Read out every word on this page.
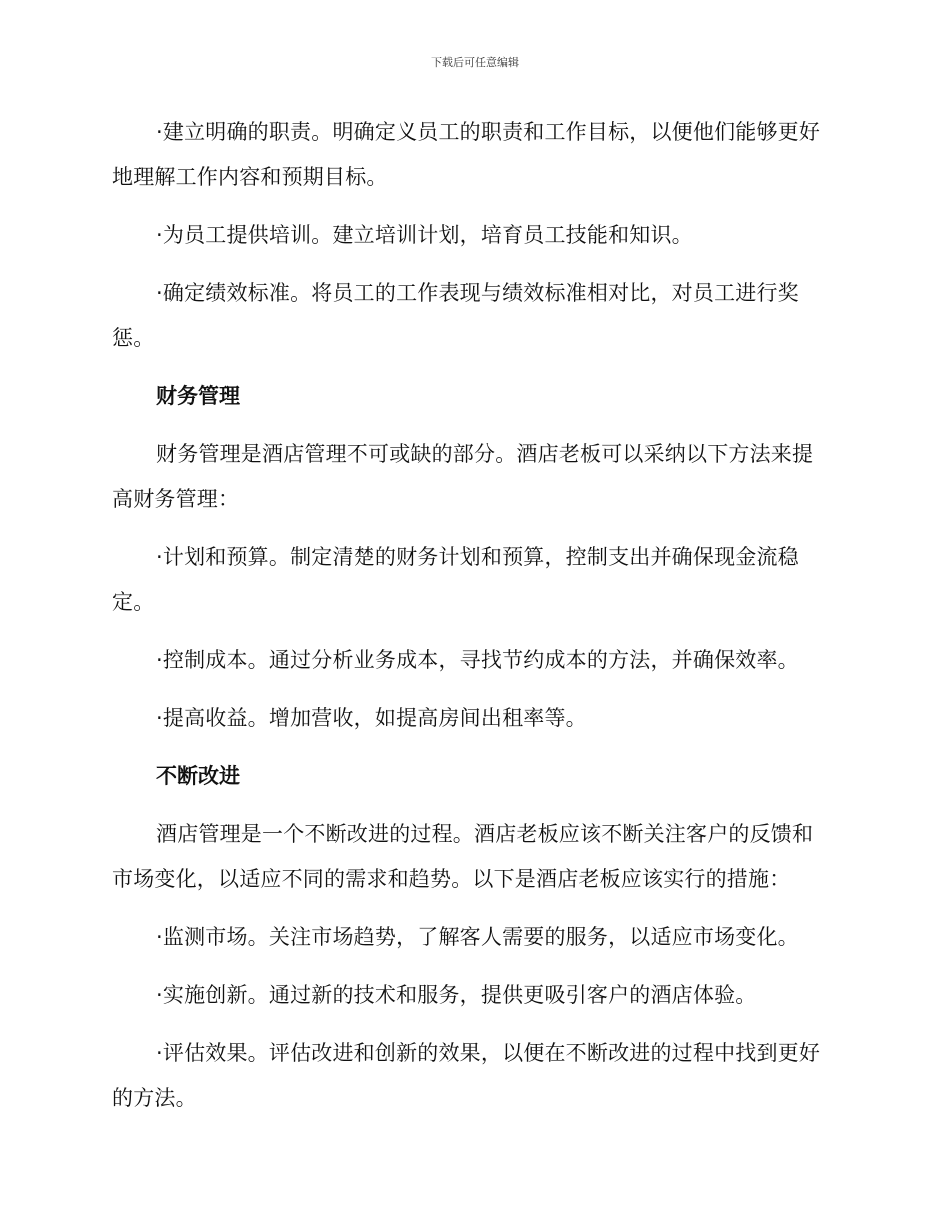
下载后可任意编辑

·建立明确的职责。明确定义员工的职责和工作目标，以便他们能够更好地理解工作内容和预期目标。

·为员工提供培训。建立培训计划，培育员工技能和知识。

·确定绩效标准。将员工的工作表现与绩效标准相对比，对员工进行奖惩。

财务管理

财务管理是酒店管理不可或缺的部分。酒店老板可以采纳以下方法来提高财务管理：

·计划和预算。制定清楚的财务计划和预算，控制支出并确保现金流稳定。

·控制成本。通过分析业务成本，寻找节约成本的方法，并确保效率。

·提高收益。增加营收，如提高房间出租率等。

不断改进

酒店管理是一个不断改进的过程。酒店老板应该不断关注客户的反馈和市场变化，以适应不同的需求和趋势。以下是酒店老板应该实行的措施：

·监测市场。关注市场趋势，了解客人需要的服务，以适应市场变化。

·实施创新。通过新的技术和服务，提供更吸引客户的酒店体验。

·评估效果。评估改进和创新的效果，以便在不断改进的过程中找到更好的方法。
